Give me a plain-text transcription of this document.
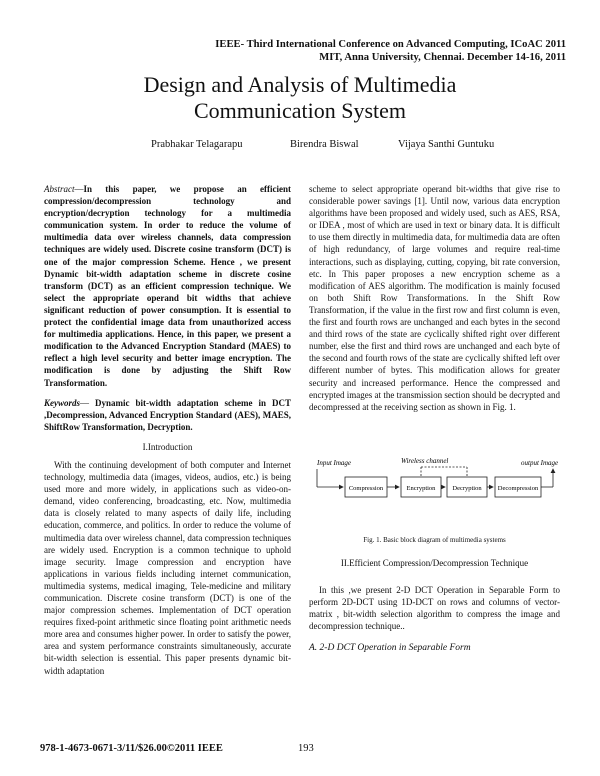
IEEE- Third International Conference on Advanced Computing, ICoAC 2011
MIT, Anna University, Chennai. December 14-16, 2011
Design and Analysis of Multimedia
Communication System
Prabhakar Telagarapu	Birendra Biswal	Vijaya Santhi Guntuku

Abstract—In this paper, we propose an efficient compression/decompression technology and encryption/decryption technology for a multimedia communication system. In order to reduce the volume of multimedia data over wireless channels, data compression techniques are widely used. Discrete cosine transform (DCT) is one of the major compression Scheme. Hence , we present Dynamic bit-width adaptation scheme in discrete cosine transform (DCT) as an efficient compression technique. We select the appropriate operand bit widths that achieve significant reduction of power consumption. It is essential to protect the confidential image data from unauthorized access for multimedia applications. Hence, in this paper, we present a modification to the Advanced Encryption Standard (MAES) to reflect a high level security and better image encryption. The modification is done by adjusting the Shift Row Transformation.

Keywords— Dynamic bit-width adaptation scheme in DCT ,Decompression, Advanced Encryption Standard (AES), MAES, ShiftRow Transformation, Decryption.

I.Introduction

With the continuing development of both computer and Internet technology, multimedia data (images, videos, audios, etc.) is being used more and more widely, in applications such as video-on-demand, video conferencing, broadcasting, etc. Now, multimedia data is closely related to many aspects of daily life, including education, commerce, and politics. In order to reduce the volume of multimedia data over wireless channel, data compression techniques are widely used. Encryption is a common technique to uphold image security. Image compression and encryption have applications in various fields including internet communication, multimedia systems, medical imaging, Tele-medicine and military communication. Discrete cosine transform (DCT) is one of the major compression schemes. Implementation of DCT operation requires fixed-point arithmetic since floating point arithmetic needs more area and consumes higher power. In order to satisfy the power, area and system performance constraints simultaneously, accurate bit-width selection is essential. This paper presents dynamic bit-width adaptation

scheme to select appropriate operand bit-widths that give rise to considerable power savings [1]. Until now, various data encryption algorithms have been proposed and widely used, such as AES, RSA, or IDEA , most of which are used in text or binary data. It is difficult to use them directly in multimedia data, for multimedia data are often of high redundancy, of large volumes and require real-time interactions, such as displaying, cutting, copying, bit rate conversion, etc. In This paper proposes a new encryption scheme as a modification of AES algorithm. The modification is mainly focused on both Shift Row Transformations. In the Shift Row Transformation, if the value in the first row and first column is even, the first and fourth rows are unchanged and each bytes in the second and third rows of the state are cyclically shifted right over different number, else the first and third rows are unchanged and each byte of the second and fourth rows of the state are cyclically shifted left over different number of bytes. This modification allows for greater security and increased performance. Hence the compressed and encrypted images at the transmission section should be decrypted and decompressed at the receiving section as shown in Fig. 1.

Input Image	Wireless channel	output Image
Compression	Encryption	Decryption Decompression
Fig. 1. Basic block diagram of multimedia systems
II.Efficient Compression/Decompression Technique
In this ,we present 2-D DCT Operation in Separable Form to perform 2D-DCT using 1D-DCT on rows and columns of vector- matrix , bit-width selection algorithm to compress the image and decompression technique..
A. 2-D DCT Operation in Separable Form
978-1-4673-0671-3/11/$26.00©2011 IEEE	193
